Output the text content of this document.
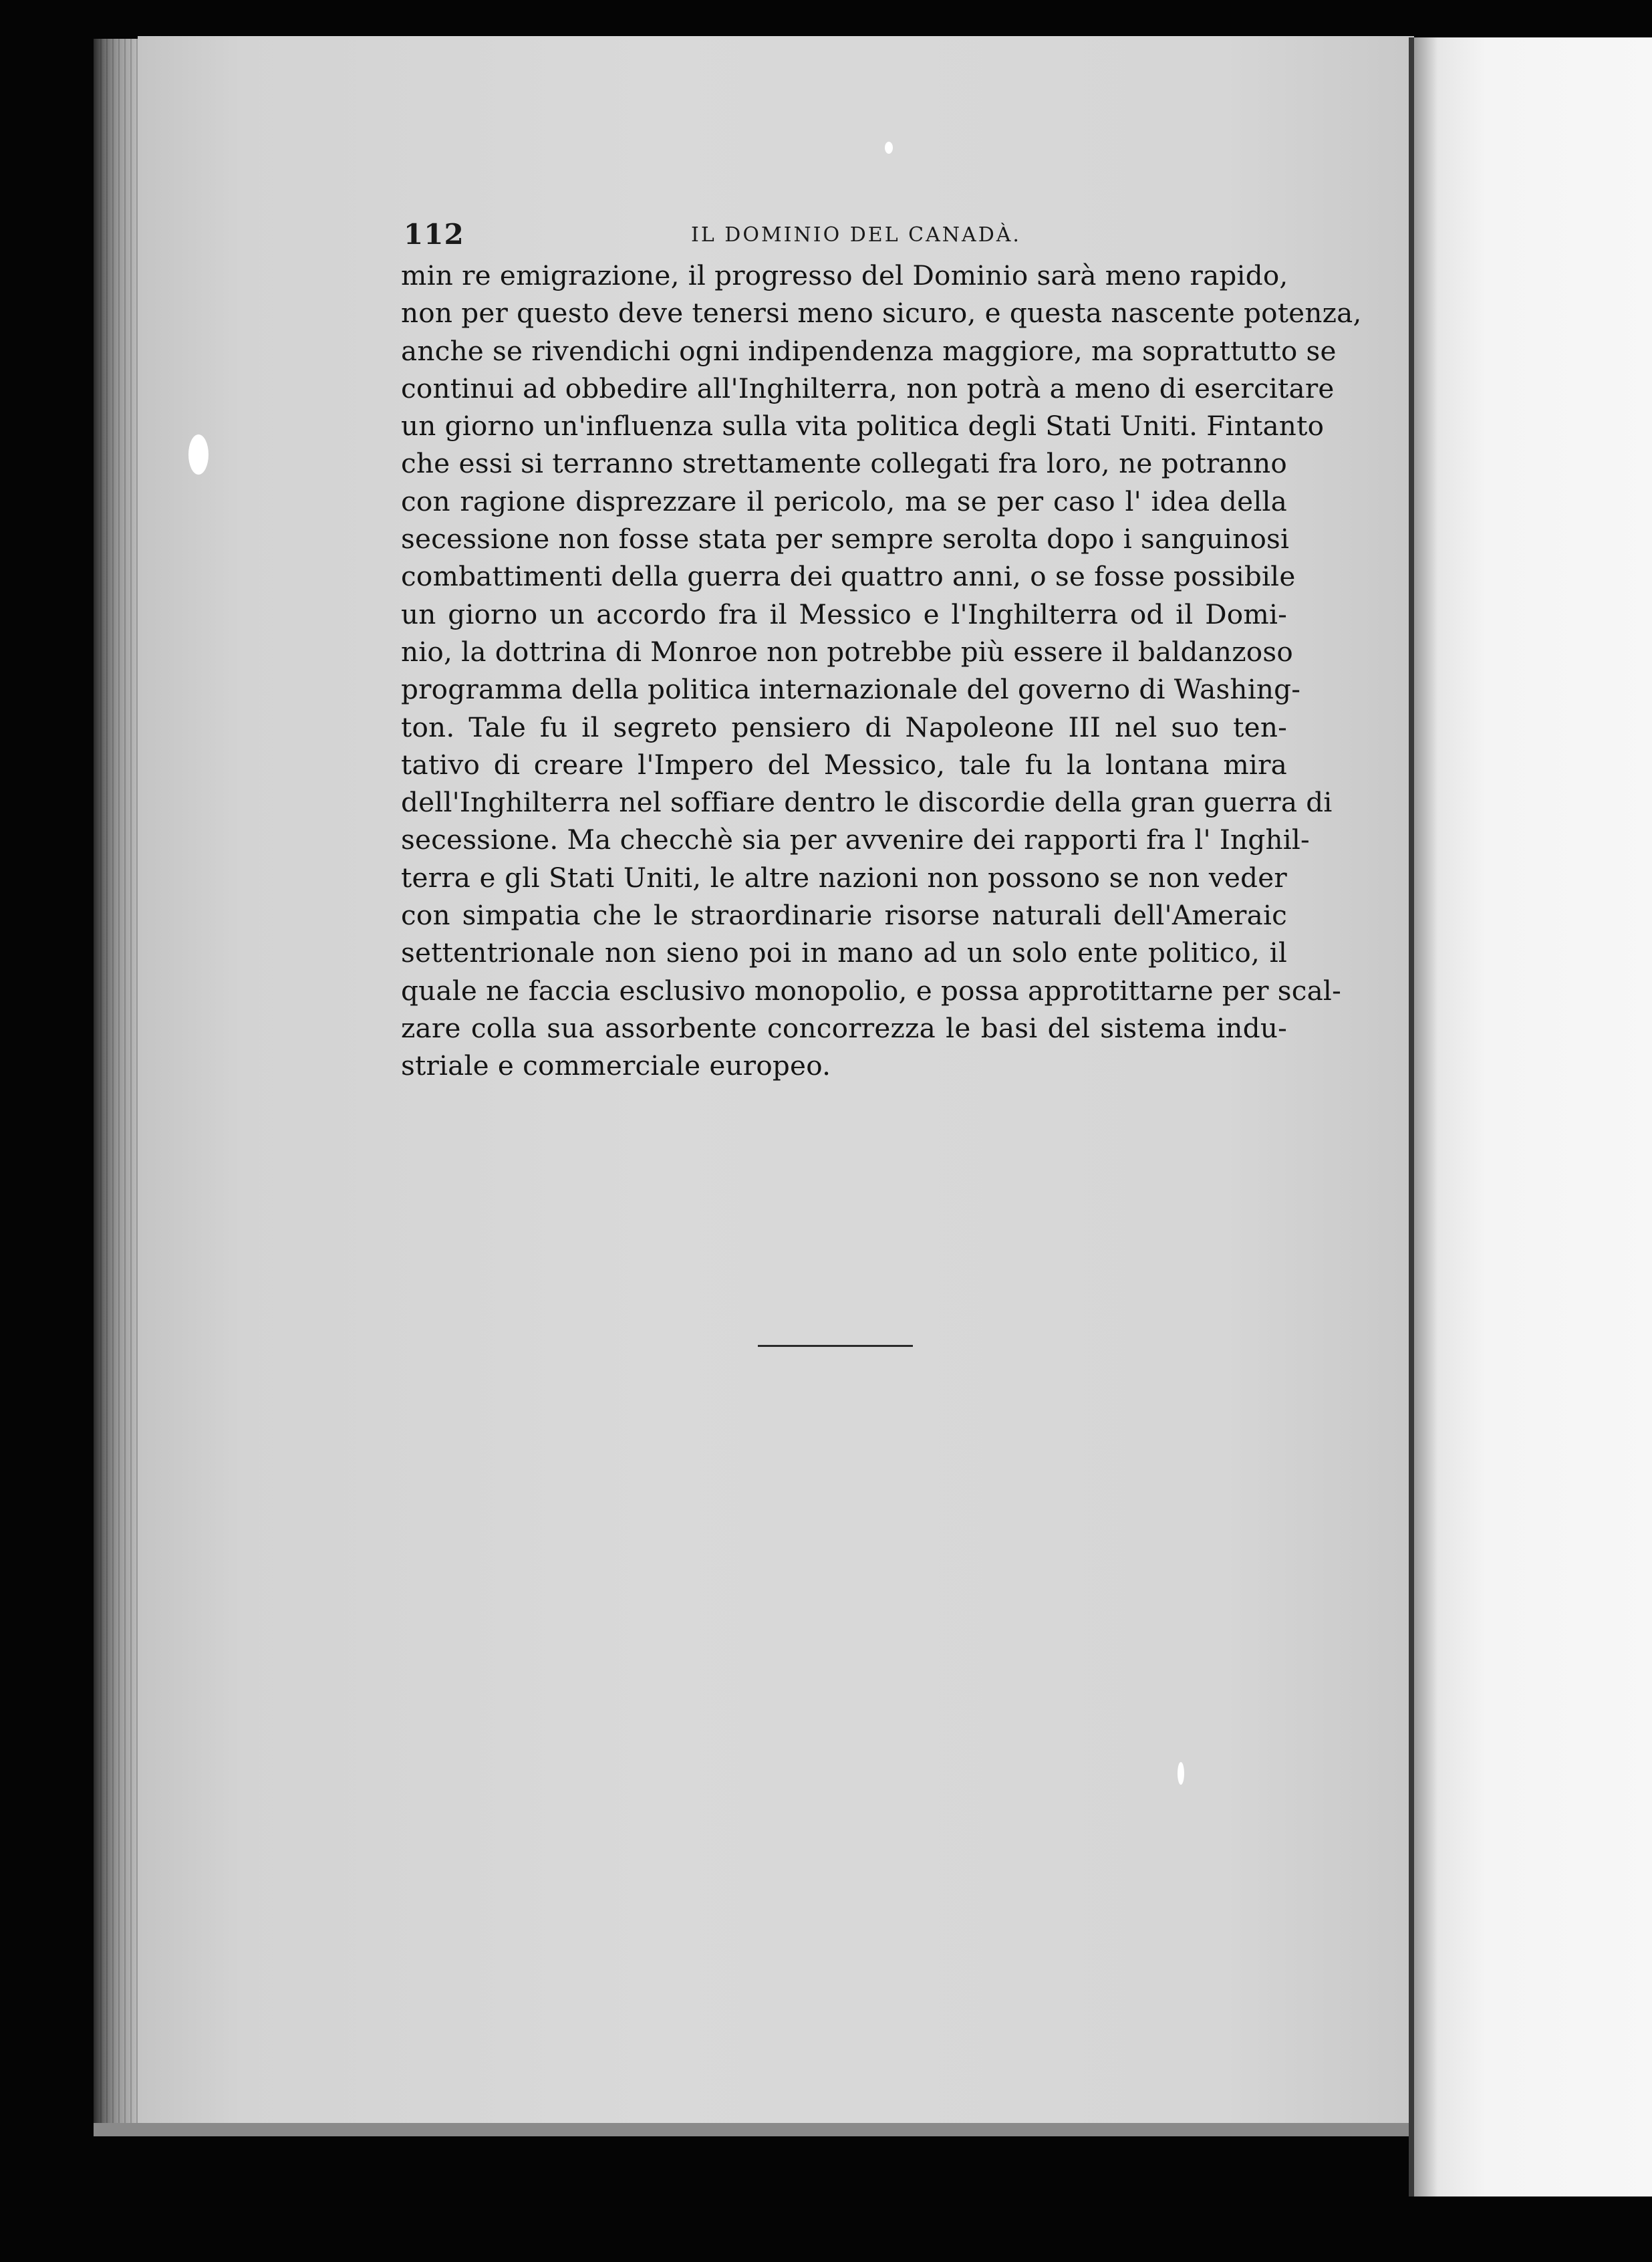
112	IL DOMINIO DEL CANADÀ.
min re emigrazione, il progresso del Dominio sarà meno rapido,
non per questo deve tenersi meno sicuro, e questa nascente potenza,
anche se rivendichi ogni indipendenza maggiore, ma soprattutto se
continui ad obbedire all'Inghilterra, non potrà a meno di esercitare
un giorno un'influenza sulla vita politica degli Stati Uniti. Fintanto
che essi si terranno strettamente collegati fra loro, ne potranno
con ragione disprezzare il pericolo, ma se per caso l' idea della
secessione non fosse stata per sempre serolta dopo i sanguinosi
combattimenti della guerra dei quattro anni, o se fosse possibile
un giorno un accordo fra il Messico e l'Inghilterra od il Domi-
nio, la dottrina di Monroe non potrebbe più essere il baldanzoso
programma della politica internazionale del governo di Washing-
ton. Tale fu il segreto pensiero di Napoleone III nel suo ten-
tativo di creare l'Impero del Messico, tale fu la lontana mira
dell'Inghilterra nel soffiare dentro le discordie della gran guerra di
secessione. Ma checchè sia per avvenire dei rapporti fra l' Inghil-
terra e gli Stati Uniti, le altre nazioni non possono se non veder
con simpatia che le straordinarie risorse naturali dell'Ameraic
settentrionale non sieno poi in mano ad un solo ente politico, il
quale ne faccia esclusivo monopolio, e possa approtittarne per scal-
zare colla sua assorbente concorrezza le basi del sistema indu-
striale e commerciale europeo.
